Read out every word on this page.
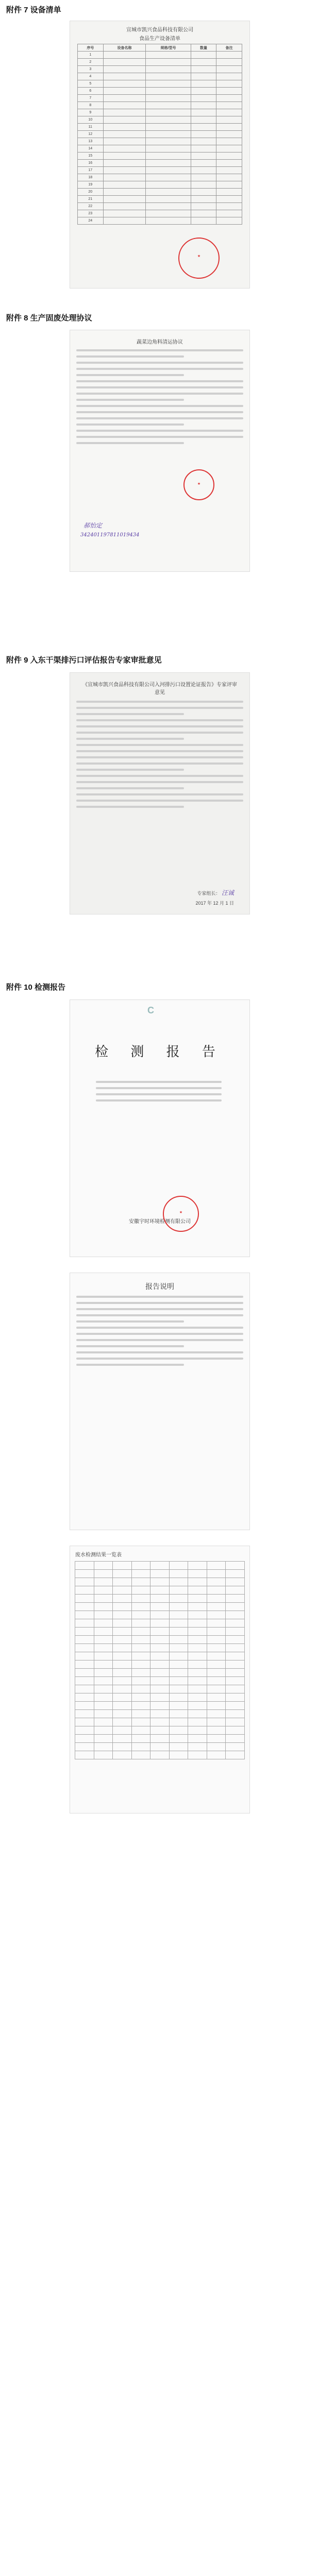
附件 7 设备清单
宣城市凯兴食品科技有限公司
食品生产设备清单
序号	设备名称	规格/型号	数量	备注
1				
2				
3				
4				
5				
6				
7				
8				
9				
10				
11				
12				
13				
14				
15				
16				
17				
18				
19				
20				
21				
22				
23				
24				
★
附件 8 生产固废处理协议
蔬菜边角料清运协议
★
郝怡定
342401197811019434
附件 9 入东干渠排污口评估报告专家审批意见
《宣城市凯兴食品科技有限公司入河排污口设置论证报告》专家评审意见
专家组长： 汪诚
2017 年 12 月 1 日
附件 10 检测报告
C
检 测 报 告
安徽宇时环境检测有限公司
★
报告说明
废水检测结果一览表
